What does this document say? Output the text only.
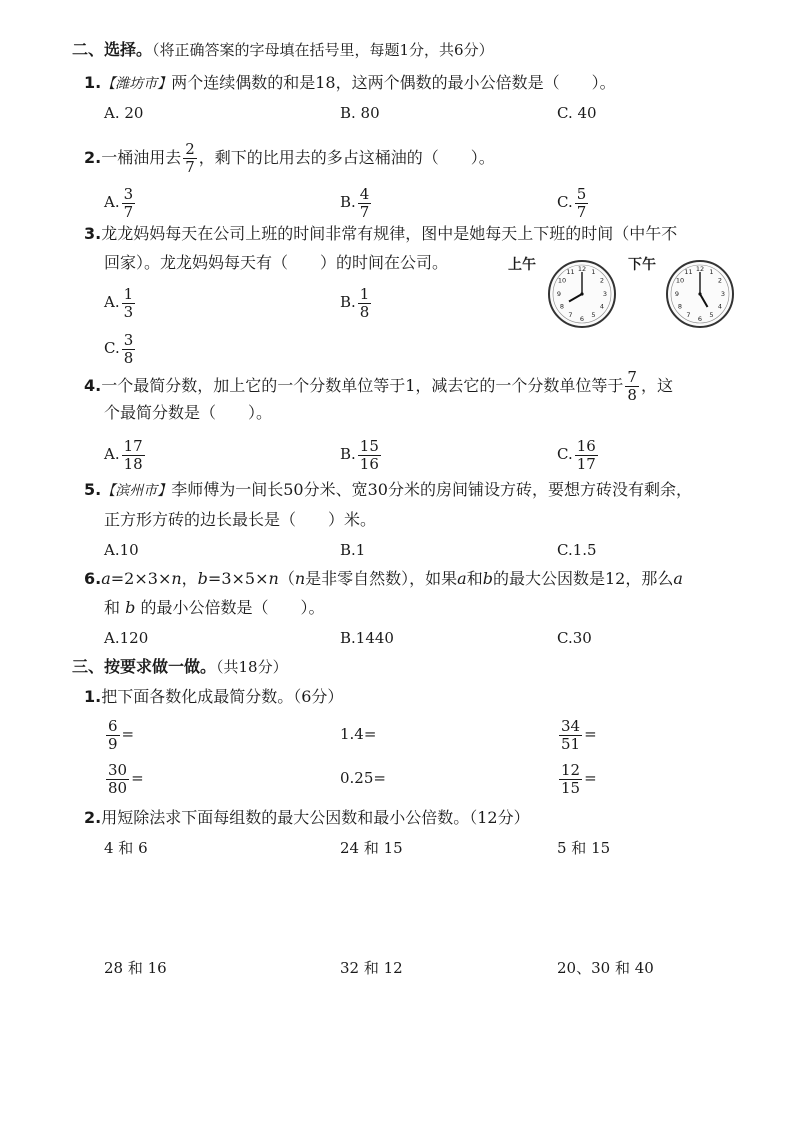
二、选择。（将正确答案的字母填在括号里，每题1分，共6分）
1.【潍坊市】两个连续偶数的和是18，这两个偶数的最小公倍数是（　　）。
A. 20	B. 80	C. 40
2.一桶油用去 $\frac{2}{7}$ ，剩下的比用去的多占这桶油的（　　）。
A. $\frac{3}{7}$	B. $\frac{4}{7}$	C. $\frac{5}{7}$
3.龙龙妈妈每天在公司上班的时间非常有规律，图中是她每天上下班的时间（中午不
回家）。龙龙妈妈每天有（　　）的时间在公司。	上午	下午
12 1
2
3
4
5
6
7
8
9
10
11	12 1
2
3
4
5
6
7
8
9
10
11
A. $\frac{1}{3}$	B. $\frac{1}{8}$
C. $\frac{3}{8}$
4.一个最简分数，加上它的一个分数单位等于1，减去它的一个分数单位等于 $\frac{7}{8}$ ，这
个最简分数是（　　）。
A. $\frac{17}{18}$	B. $\frac{15}{16}$	C. $\frac{16}{17}$
5.【滨州市】李师傅为一间长50分米、宽30分米的房间铺设方砖，要想方砖没有剩余，
正方形方砖的边长最长是（　　）米。
A.10	B.1	C.1.5
6.a=2×3×n，b=3×5×n（n是非零自然数），如果a和b的最大公因数是12，那么a
和 b 的最小公倍数是（　　）。
A.120	B.1440	C.30
三、按要求做一做。（共18分）
1.把下面各数化成最简分数。（6分）
$\frac{6}{9}$ =	1.4=	$\frac{34}{51}$ =
$\frac{30}{80}$ =	0.25=	$\frac{12}{15}$ =
2.用短除法求下面每组数的最大公因数和最小公倍数。（12分）
4 和 6	24 和 15	5 和 15
28 和 16	32 和 12	20、30 和 40
